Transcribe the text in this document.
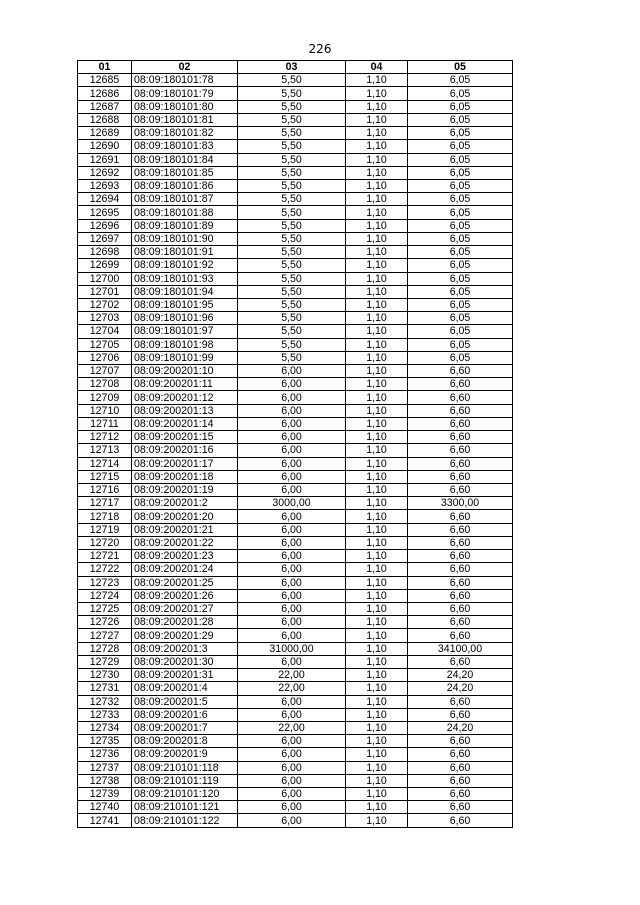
226
01	02	03	04	05
12685	08:09:180101:78	5,50	1,10	6,05
12686	08:09:180101:79	5,50	1,10	6,05
12687	08:09:180101:80	5,50	1,10	6,05
12688	08:09:180101:81	5,50	1,10	6,05
12689	08:09:180101:82	5,50	1,10	6,05
12690	08:09:180101:83	5,50	1,10	6,05
12691	08:09:180101:84	5,50	1,10	6,05
12692	08:09:180101:85	5,50	1,10	6,05
12693	08:09:180101:86	5,50	1,10	6,05
12694	08:09:180101:87	5,50	1,10	6,05
12695	08:09:180101:88	5,50	1,10	6,05
12696	08:09:180101:89	5,50	1,10	6,05
12697	08:09:180101:90	5,50	1,10	6,05
12698	08:09:180101:91	5,50	1,10	6,05
12699	08:09:180101:92	5,50	1,10	6,05
12700	08:09:180101:93	5,50	1,10	6,05
12701	08:09:180101:94	5,50	1,10	6,05
12702	08:09:180101:95	5,50	1,10	6,05
12703	08:09:180101:96	5,50	1,10	6,05
12704	08:09:180101:97	5,50	1,10	6,05
12705	08:09:180101:98	5,50	1,10	6,05
12706	08:09:180101:99	5,50	1,10	6,05
12707	08:09:200201:10	6,00	1,10	6,60
12708	08:09:200201:11	6,00	1,10	6,60
12709	08:09:200201:12	6,00	1,10	6,60
12710	08:09:200201:13	6,00	1,10	6,60
12711	08:09:200201:14	6,00	1,10	6,60
12712	08:09:200201:15	6,00	1,10	6,60
12713	08:09:200201:16	6,00	1,10	6,60
12714	08:09:200201:17	6,00	1,10	6,60
12715	08:09:200201:18	6,00	1,10	6,60
12716	08:09:200201:19	6,00	1,10	6,60
12717	08:09:200201:2	3000,00	1,10	3300,00
12718	08:09:200201:20	6,00	1,10	6,60
12719	08:09:200201:21	6,00	1,10	6,60
12720	08:09:200201:22	6,00	1,10	6,60
12721	08:09:200201:23	6,00	1,10	6,60
12722	08:09:200201:24	6,00	1,10	6,60
12723	08:09:200201:25	6,00	1,10	6,60
12724	08:09:200201:26	6,00	1,10	6,60
12725	08:09:200201:27	6,00	1,10	6,60
12726	08:09:200201:28	6,00	1,10	6,60
12727	08:09:200201:29	6,00	1,10	6,60
12728	08:09:200201:3	31000,00	1,10	34100,00
12729	08:09:200201:30	6,00	1,10	6,60
12730	08:09:200201:31	22,00	1,10	24,20
12731	08:09:200201:4	22,00	1,10	24,20
12732	08:09:200201:5	6,00	1,10	6,60
12733	08:09:200201:6	6,00	1,10	6,60
12734	08:09:200201:7	22,00	1,10	24,20
12735	08:09:200201:8	6,00	1,10	6,60
12736	08:09:200201:9	6,00	1,10	6,60
12737	08:09:210101:118	6,00	1,10	6,60
12738	08:09:210101:119	6,00	1,10	6,60
12739	08:09:210101:120	6,00	1,10	6,60
12740	08:09:210101:121	6,00	1,10	6,60
12741	08:09:210101:122	6,00	1,10	6,60
